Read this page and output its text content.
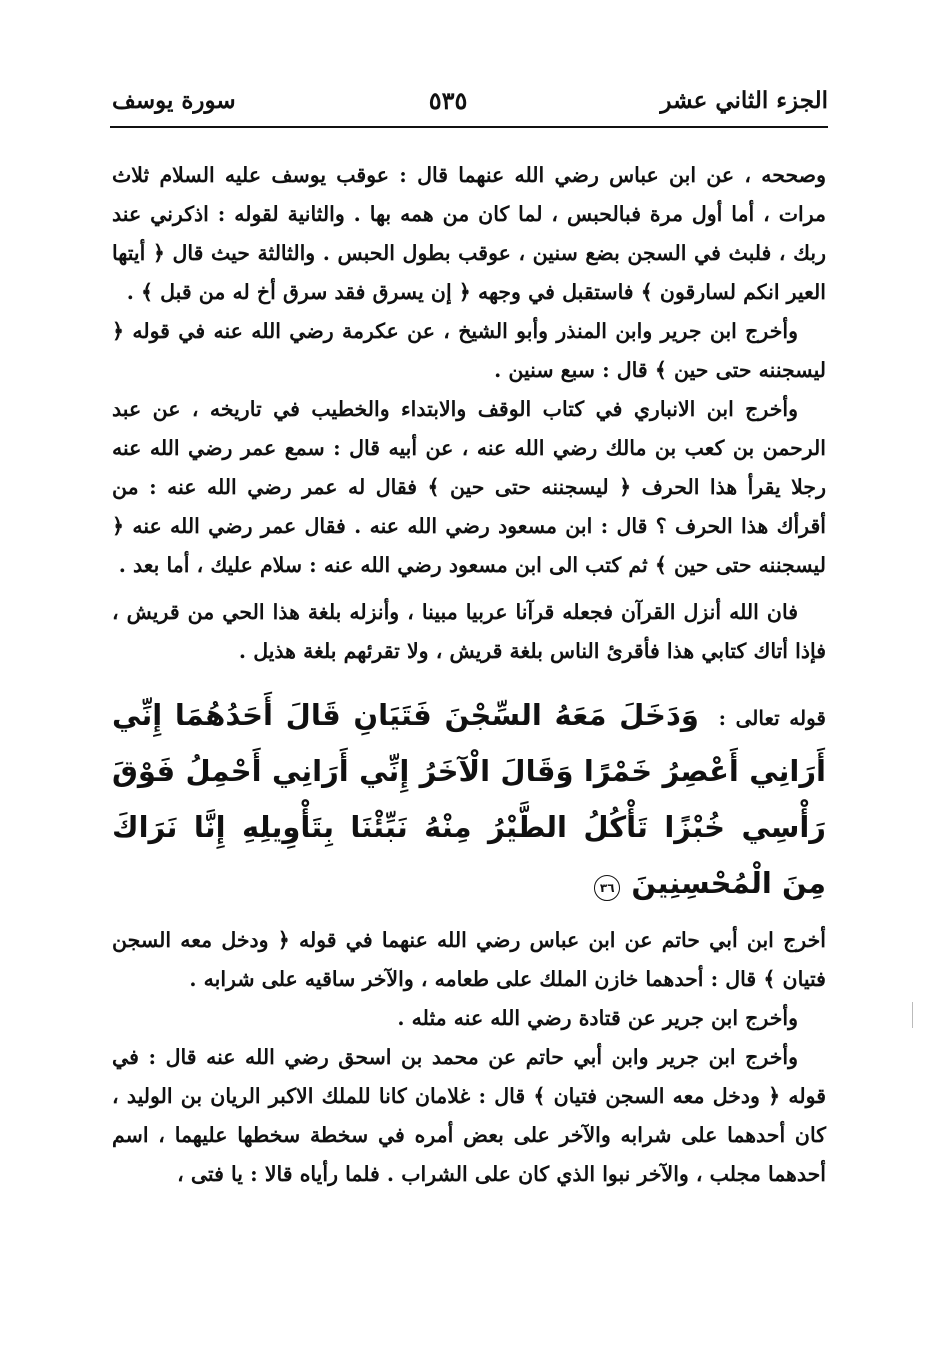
الجزء الثاني عشر
٥٣٥
سورة يوسف

وصححه ، عن ابن عباس رضي الله عنهما قال : عوقب يوسف عليه السلام ثلاث مرات ، أما أول مرة فبالحبس ، لما كان من همه بها . والثانية لقوله : اذكرني عند ربك ، فلبث في السجن بضع سنين ، عوقب بطول الحبس . والثالثة حيث قال ﴿ أيتها العير انكم لسارقون ﴾ فاستقبل في وجهه ﴿ إن يسرق فقد سرق أخ له من قبل ﴾ .

وأخرج ابن جرير وابن المنذر وأبو الشيخ ، عن عكرمة رضي الله عنه في قوله ﴿ ليسجننه حتى حين ﴾ قال : سبع سنين .

وأخرج ابن الانباري في كتاب الوقف والابتداء والخطيب في تاريخه ، عن عبد الرحمن بن كعب بن مالك رضي الله عنه ، عن أبيه قال : سمع عمر رضي الله عنه رجلا يقرأ هذا الحرف ﴿ ليسجننه حتى حين ﴾ فقال له عمر رضي الله عنه : من أقرأك هذا الحرف ؟ قال : ابن مسعود رضي الله عنه . فقال عمر رضي الله عنه ﴿ ليسجننه حتى حين ﴾ ثم كتب الى ابن مسعود رضي الله عنه : سلام عليك ، أما بعد .

فان الله أنزل القرآن فجعله قرآنا عربيا مبينا ، وأنزله بلغة هذا الحي من قريش ، فإذا أتاك كتابي هذا فأقرئ الناس بلغة قريش ، ولا تقرئهم بلغة هذيل .

قوله تعالى : وَدَخَلَ مَعَهُ السِّجْنَ فَتَيَانِ قَالَ أَحَدُهُمَا إِنِّي أَرَانِي أَعْصِرُ خَمْرًا وَقَالَ الْآخَرُ إِنِّي أَرَانِي أَحْمِلُ فَوْقَ رَأْسِي خُبْزًا تَأْكُلُ الطَّيْرُ مِنْهُ نَبِّئْنَا بِتَأْوِيلِهِ إِنَّا نَرَاكَ مِنَ الْمُحْسِنِينَ ٣٦

أخرج ابن أبي حاتم عن ابن عباس رضي الله عنهما في قوله ﴿ ودخل معه السجن فتيان ﴾ قال : أحدهما خازن الملك على طعامه ، والآخر ساقيه على شرابه .

وأخرج ابن جرير عن قتادة رضي الله عنه مثله .

وأخرج ابن جرير وابن أبي حاتم عن محمد بن اسحق رضي الله عنه قال : في قوله ﴿ ودخل معه السجن فتيان ﴾ قال : غلامان كانا للملك الاكبر الريان بن الوليد ، كان أحدهما على شرابه والآخر على بعض أمره في سخطة سخطها عليهما ، اسم أحدهما مجلب ، والآخر نبوا الذي كان على الشراب . فلما رأياه قالا : يا فتى ،
